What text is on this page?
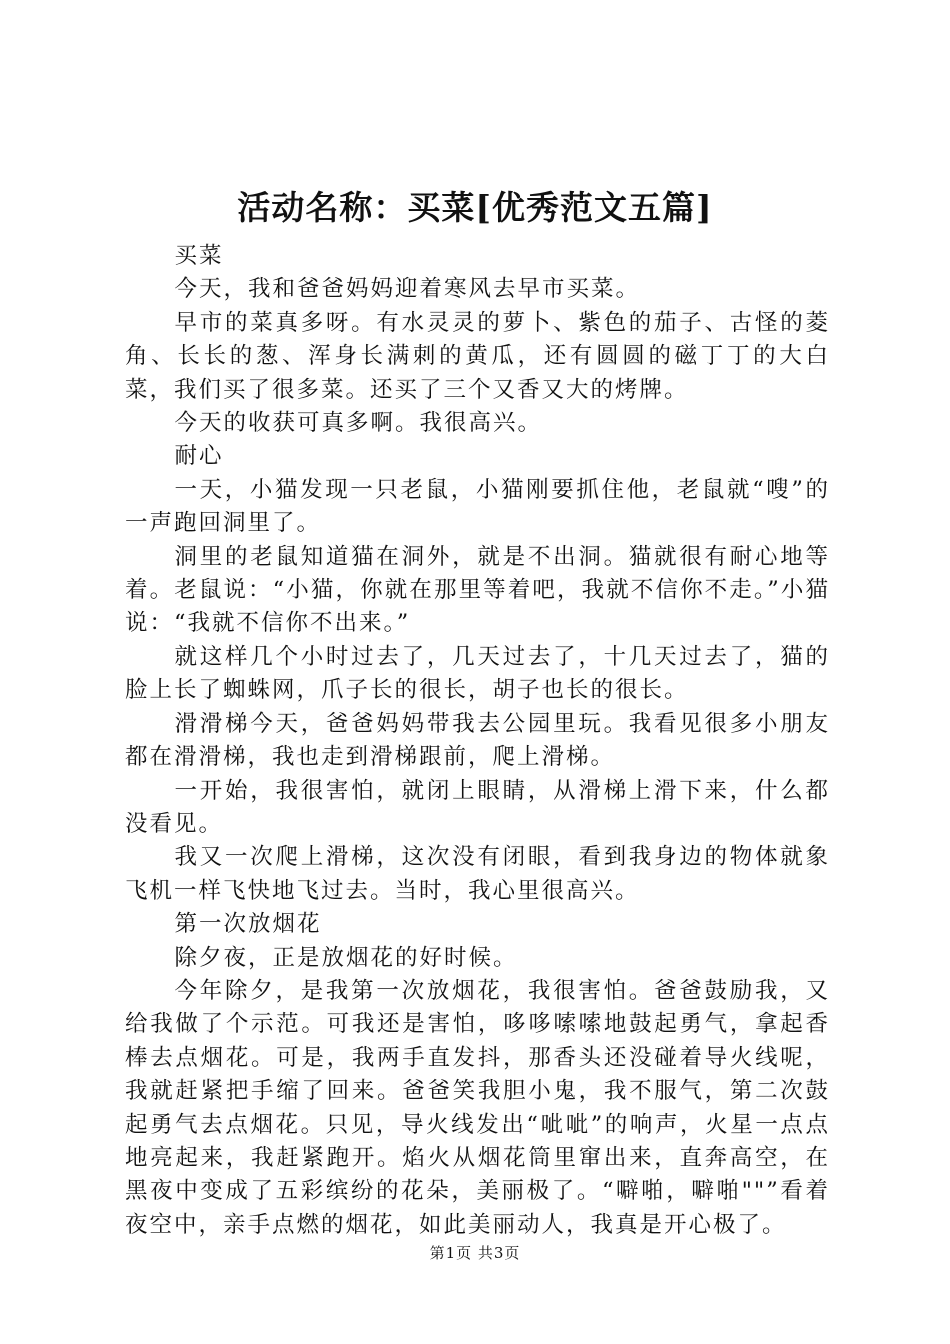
活动名称：买菜[优秀范文五篇]

买菜

今天，我和爸爸妈妈迎着寒风去早市买菜。

早市的菜真多呀。有水灵灵的萝卜、紫色的茄子、古怪的菱角、长长的葱、浑身长满刺的黄瓜，还有圆圆的磁丁丁的大白菜，我们买了很多菜。还买了三个又香又大的烤牌。

今天的收获可真多啊。我很高兴。

耐心

一天，小猫发现一只老鼠，小猫刚要抓住他，老鼠就“嗖”的一声跑回洞里了。

洞里的老鼠知道猫在洞外，就是不出洞。猫就很有耐心地等着。老鼠说：“小猫，你就在那里等着吧，我就不信你不走。”小猫说：“我就不信你不出来。”

就这样几个小时过去了，几天过去了，十几天过去了，猫的脸上长了蜘蛛网，爪子长的很长，胡子也长的很长。

滑滑梯今天，爸爸妈妈带我去公园里玩。我看见很多小朋友都在滑滑梯，我也走到滑梯跟前，爬上滑梯。

一开始，我很害怕，就闭上眼睛，从滑梯上滑下来，什么都没看见。

我又一次爬上滑梯，这次没有闭眼，看到我身边的物体就象飞机一样飞快地飞过去。当时，我心里很高兴。

第一次放烟花

除夕夜，正是放烟花的好时候。

今年除夕，是我第一次放烟花，我很害怕。爸爸鼓励我，又给我做了个示范。可我还是害怕，哆哆嗦嗦地鼓起勇气，拿起香棒去点烟花。可是，我两手直发抖，那香头还没碰着导火线呢，我就赶紧把手缩了回来。爸爸笑我胆小鬼，我不服气，第二次鼓起勇气去点烟花。只见，导火线发出“呲呲”的响声，火星一点点地亮起来，我赶紧跑开。焰火从烟花筒里窜出来，直奔高空，在黑夜中变成了五彩缤纷的花朵，美丽极了。“噼啪，噼啪""”看着夜空中，亲手点燃的烟花，如此美丽动人，我真是开心极了。

第1页 共3页
